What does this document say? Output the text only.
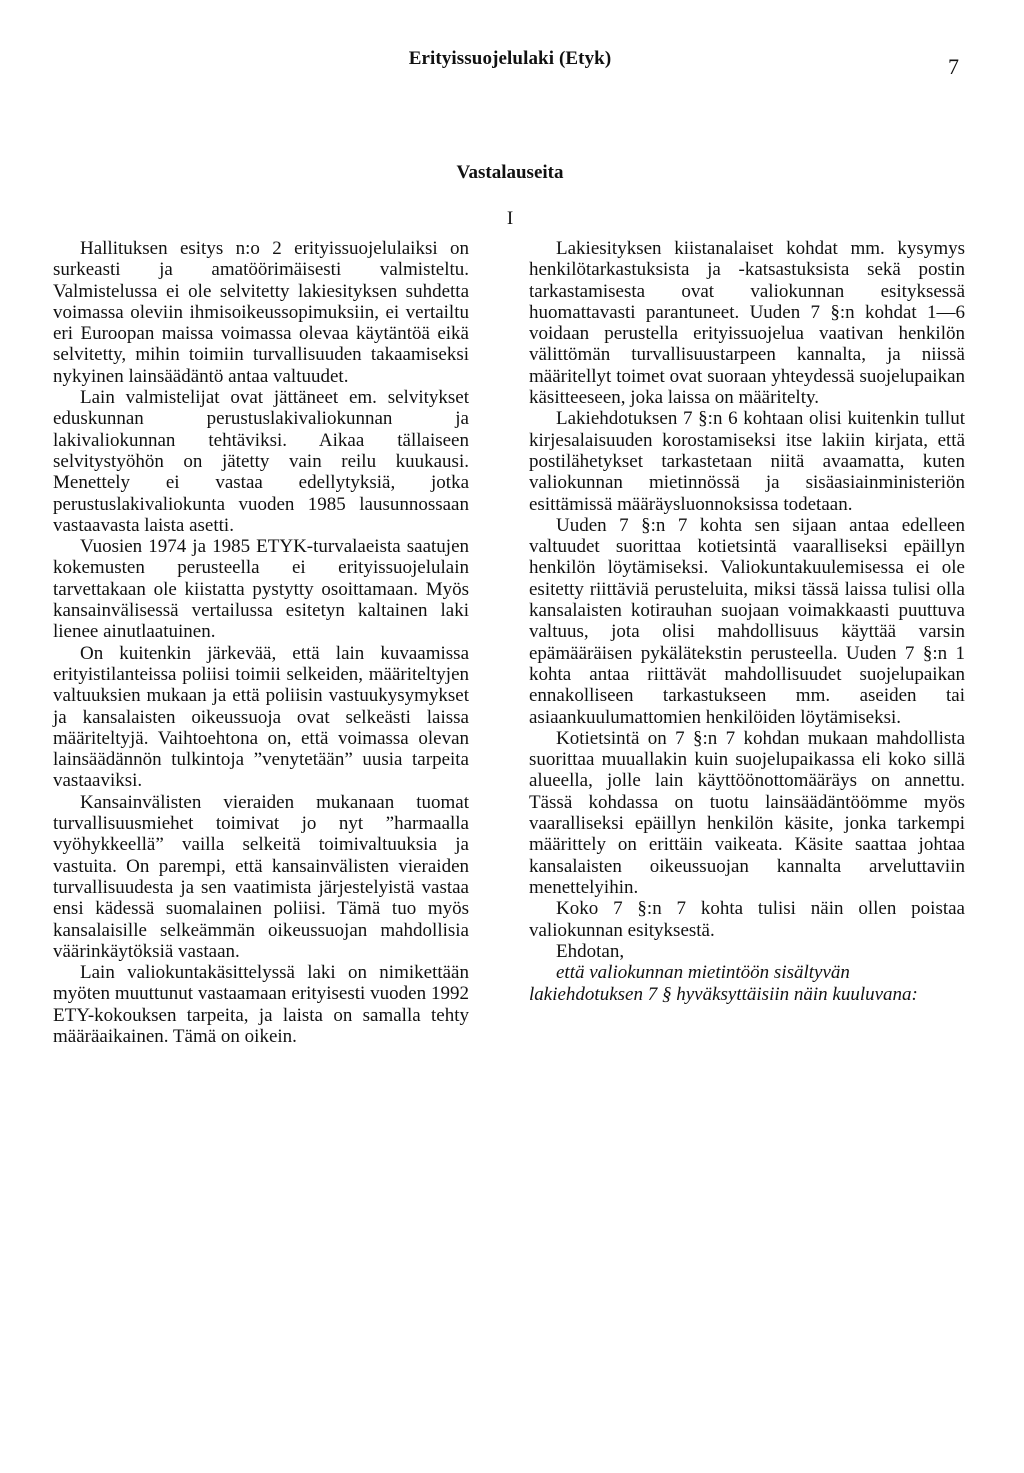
Erityissuojelulaki (Etyk)	7
Vastalauseita
I

Hallituksen esitys n:o 2 erityissuojelulaiksi on surkeasti ja amatöörimäisesti valmisteltu. Valmistelussa ei ole selvitetty lakiesityksen suhdetta voimassa oleviin ihmisoikeussopimuksiin, ei vertailtu eri Euroopan maissa voimassa olevaa käytäntöä eikä selvitetty, mihin toimiin turvallisuuden takaamiseksi nykyinen lainsäädäntö antaa valtuudet.

Lain valmistelijat ovat jättäneet em. selvitykset eduskunnan perustuslakivaliokunnan ja lakivaliokunnan tehtäviksi. Aikaa tällaiseen selvitystyöhön on jätetty vain reilu kuukausi. Menettely ei vastaa edellytyksiä, jotka perustuslakivaliokunta vuoden 1985 lausunnossaan vastaavasta laista asetti.

Vuosien 1974 ja 1985 ETYK-turvalaeista saatujen kokemusten perusteella ei erityissuojelulain tarvettakaan ole kiistatta pystytty osoittamaan. Myös kansainvälisessä vertailussa esitetyn kaltainen laki lienee ainutlaatuinen.

On kuitenkin järkevää, että lain kuvaamissa erityistilanteissa poliisi toimii selkeiden, määriteltyjen valtuuksien mukaan ja että poliisin vastuukysymykset ja kansalaisten oikeussuoja ovat selkeästi laissa määriteltyjä. Vaihtoehtona on, että voimassa olevan lainsäädännön tulkintoja ”venytetään” uusia tarpeita vastaaviksi.

Kansainvälisten vieraiden mukanaan tuomat turvallisuusmiehet toimivat jo nyt ”harmaalla vyöhykkeellä” vailla selkeitä toimivaltuuksia ja vastuita. On parempi, että kansainvälisten vieraiden turvallisuudesta ja sen vaatimista järjestelyistä vastaa ensi kädessä suomalainen poliisi. Tämä tuo myös kansalaisille selkeämmän oikeussuojan mahdollisia väärinkäytöksiä vastaan.

Lain valiokuntakäsittelyssä laki on nimikettään myöten muuttunut vastaamaan erityisesti vuoden 1992 ETY-kokouksen tarpeita, ja laista on samalla tehty määräaikainen. Tämä on oikein.

Lakiesityksen kiistanalaiset kohdat mm. kysymys henkilötarkastuksista ja -katsastuksista sekä postin tarkastamisesta ovat valiokunnan esityksessä huomattavasti parantuneet. Uuden 7 §:n kohdat 1—6 voidaan perustella erityissuojelua vaativan henkilön välittömän turvallisuustarpeen kannalta, ja niissä määritellyt toimet ovat suoraan yhteydessä suojelupaikan käsitteeseen, joka laissa on määritelty.

Lakiehdotuksen 7 §:n 6 kohtaan olisi kuitenkin tullut kirjesalaisuuden korostamiseksi itse lakiin kirjata, että postilähetykset tarkastetaan niitä avaamatta, kuten valiokunnan mietinnössä ja sisäasiainministeriön esittämissä määräysluonnoksissa todetaan.

Uuden 7 §:n 7 kohta sen sijaan antaa edelleen valtuudet suorittaa kotietsintä vaaralliseksi epäillyn henkilön löytämiseksi. Valiokuntakuulemisessa ei ole esitetty riittäviä perusteluita, miksi tässä laissa tulisi olla kansalaisten kotirauhan suojaan voimakkaasti puuttuva valtuus, jota olisi mahdollisuus käyttää varsin epämääräisen pykälätekstin perusteella. Uuden 7 §:n 1 kohta antaa riittävät mahdollisuudet suojelupaikan ennakolliseen tarkastukseen mm. aseiden tai asiaankuulumattomien henkilöiden löytämiseksi.

Kotietsintä on 7 §:n 7 kohdan mukaan mahdollista suorittaa muuallakin kuin suojelupaikassa eli koko sillä alueella, jolle lain käyttöönottomääräys on annettu. Tässä kohdassa on tuotu lainsäädäntöömme myös vaaralliseksi epäillyn henkilön käsite, jonka tarkempi määrittely on erittäin vaikeata. Käsite saattaa johtaa kansalaisten oikeussuojan kannalta arveluttaviin menettelyihin.

Koko 7 §:n 7 kohta tulisi näin ollen poistaa valiokunnan esityksestä.

Ehdotan,

että valiokunnan mietintöön sisältyvän lakiehdotuksen 7 § hyväksyttäisiin näin kuuluvana:
